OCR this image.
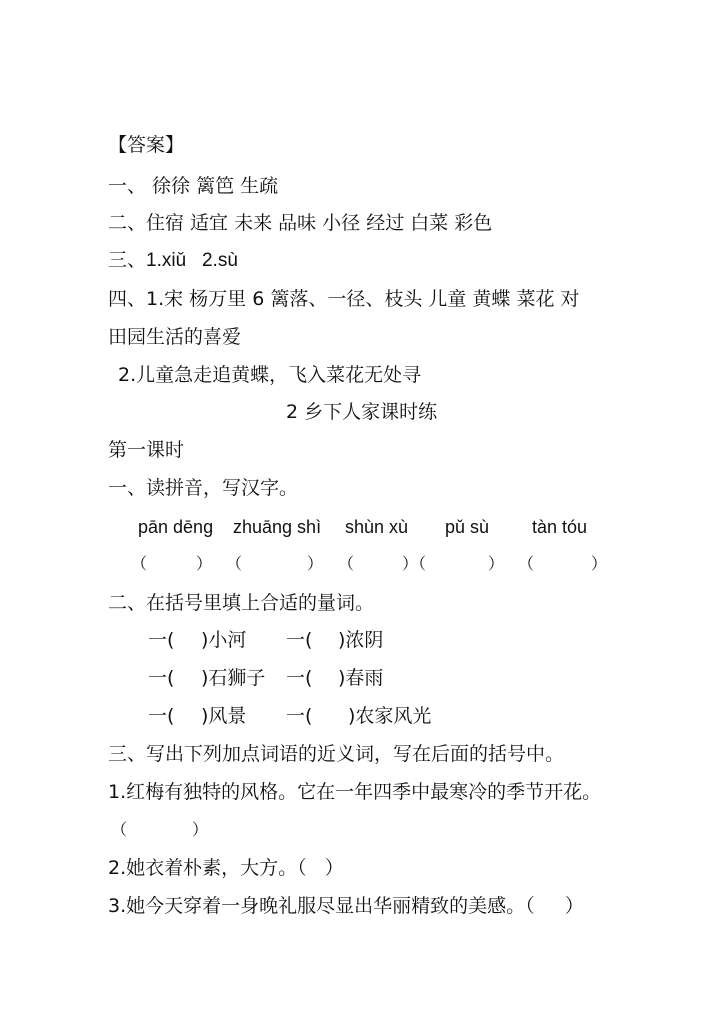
【答案】
一、 徐徐 篱笆 生疏
二、住宿 适宜 未来 品味 小径 经过 白菜 彩色
三、1.xiǔ   2.sù
四、1.宋 杨万里 6 篱落、一径、枝头 儿童 黄蝶 菜花 对
田园生活的喜爱
2.儿童急走追黄蝶，飞入菜花无处寻
2 乡下人家课时练
第一课时
一、读拼音，写汉字。
pān dēnɡ zhuānɡ shì shùn xù pǔ sù tàn tóu
（	） （	） （	）（	） （	）
二、在括号里填上合适的量词。
一( )小河 一( )浓阴
一( )石狮子 一( )春雨
一( )风景 一( )农家风光
三、写出下列加点词语的近义词，写在后面的括号中。
1.红梅有独特的风格。它在一年四季中最寒冷的季节开花。
（	）
2.她衣着朴素，大方。（   ）
3.她今天穿着一身晚礼服尽显出华丽精致的美感。（     ）
